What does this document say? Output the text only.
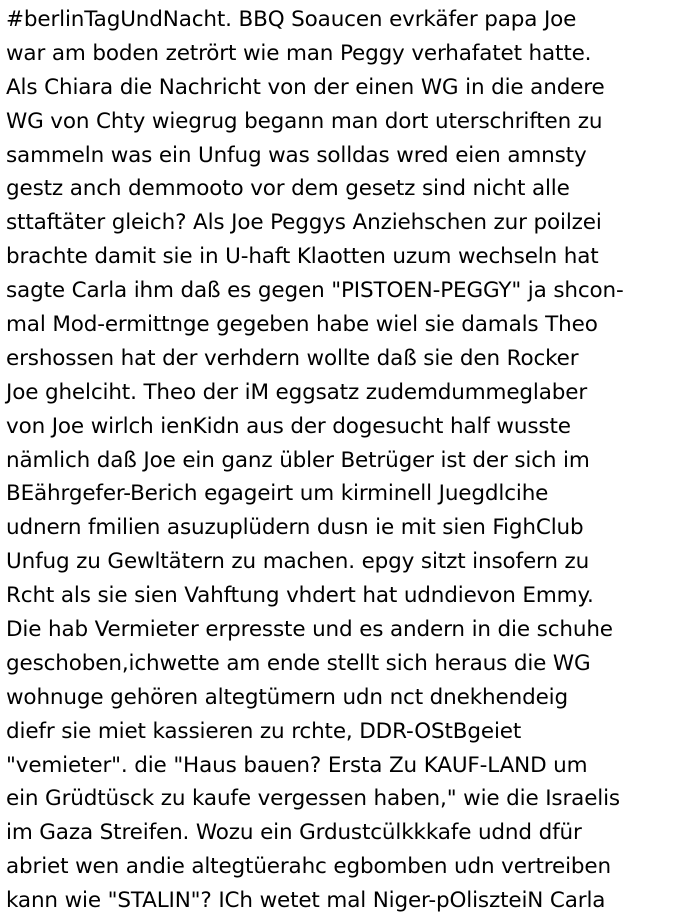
#berlinTagUndNacht. BBQ Soaucen evrkäfer papa Joe
war am boden zetrört wie man Peggy verhafatet hatte.
Als Chiara die Nachricht von der einen WG in die andere
WG von Chty wiegrug begann man dort uterschriften zu
sammeln was ein Unfug was solldas wred eien amnsty
gestz anch demmooto vor dem gesetz sind nicht alle
sttaftäter gleich? Als Joe Peggys Anziehschen zur poilzei
brachte damit sie in U-haft Klaotten uzum wechseln hat
sagte Carla ihm daß es gegen "PISTOEN-PEGGY" ja shcon-
mal Mod-ermittnge gegeben habe wiel sie damals Theo
ershossen hat der verhdern wollte daß sie den Rocker
Joe ghelciht. Theo der iM eggsatz zudemdummeglaber
von Joe wirlch ienKidn aus der dogesucht half wusste
nämlich daß Joe ein ganz übler Betrüger ist der sich im
BEährgefer-Berich egageirt um kirminell Juegdlcihe
udnern fmilien asuzuplüdern dusn ie mit sien FighClub
Unfug zu Gewltätern zu machen. epgy sitzt insofern zu
Rcht als sie sien Vahftung vhdert hat udndievon Emmy.
Die hab Vermieter erpresste und es andern in die schuhe
geschoben,ichwette am ende stellt sich heraus die WG
wohnuge gehören altegtümern udn nct dnekhendeig
diefr sie miet kassieren zu rchte, DDR-OStBgeiet
"vemieter". die "Haus bauen? Ersta Zu KAUF-LAND um
ein Grüdtüsck zu kaufe vergessen haben," wie die Israelis
im Gaza Streifen. Wozu ein Grdustcülkkkafe udnd dfür
abriet wen andie altegtüerahc egbomben udn vertreiben
kann wie "STALIN"? ICh wetet mal Niger-pOliszteiN Carla
